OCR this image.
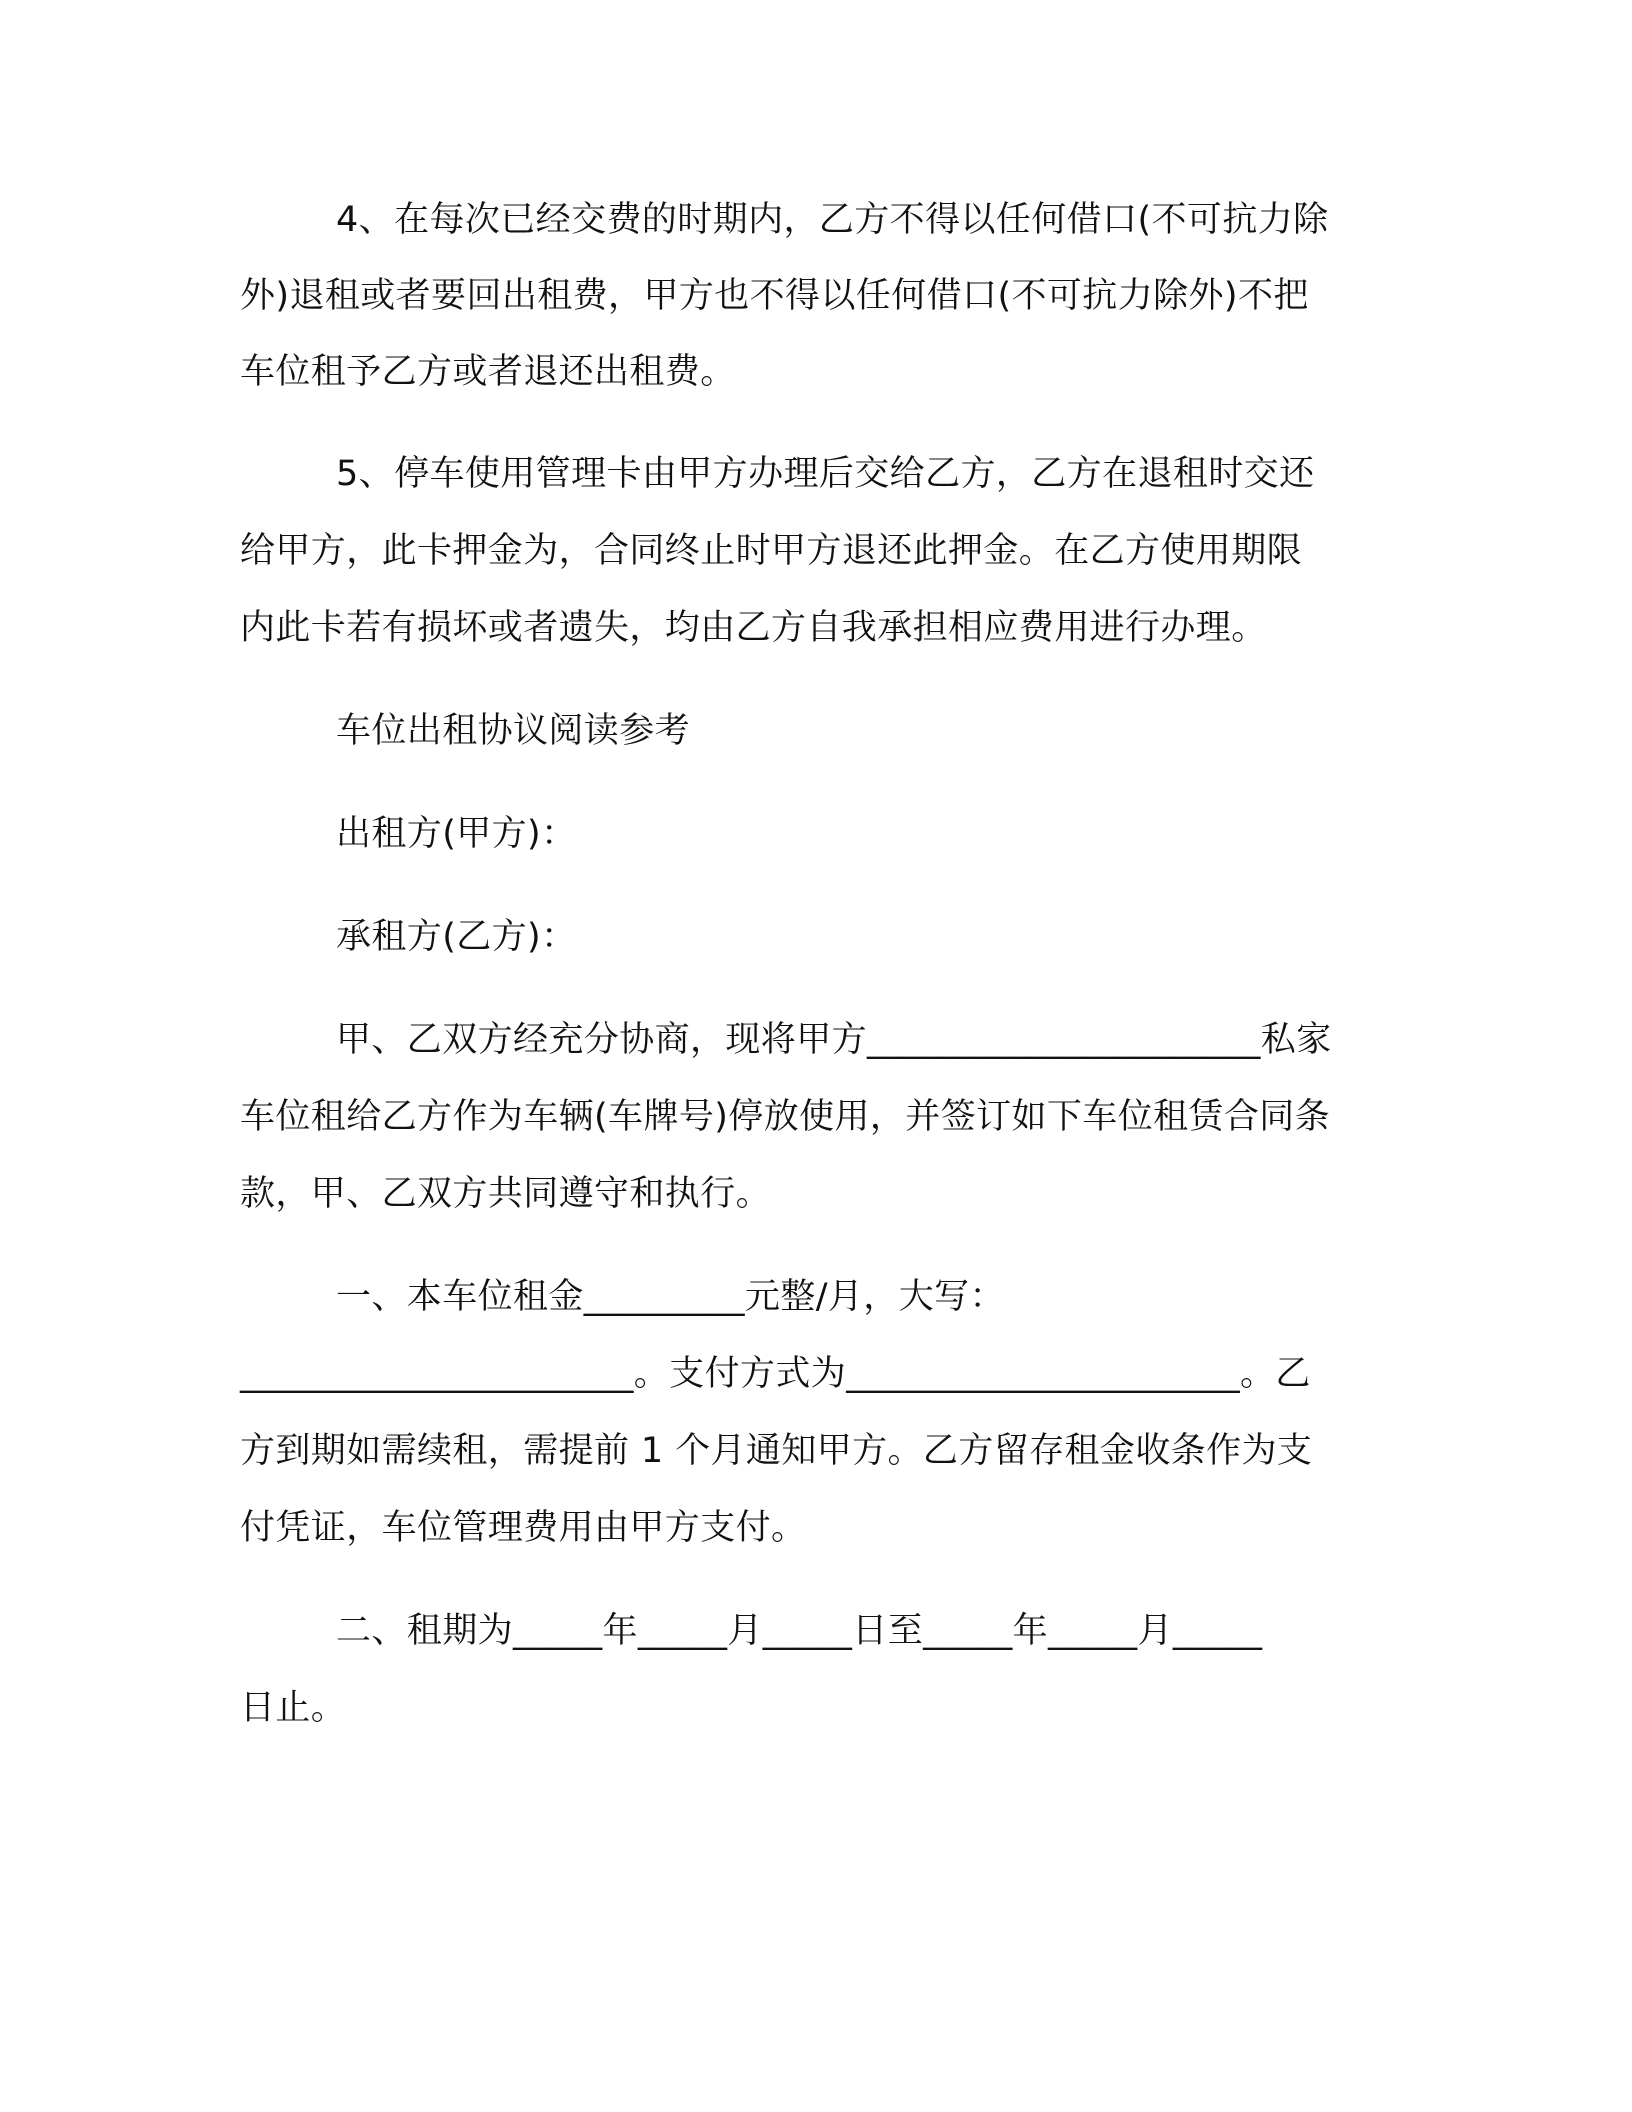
4、在每次已经交费的时期内，乙方不得以任何借口(不可抗力除
外)退租或者要回出租费，甲方也不得以任何借口(不可抗力除外)不把
车位租予乙方或者退还出租费。
5、停车使用管理卡由甲方办理后交给乙方，乙方在退租时交还
给甲方，此卡押金为，合同终止时甲方退还此押金。在乙方使用期限
内此卡若有损坏或者遗失，均由乙方自我承担相应费用进行办理。
车位出租协议阅读参考
出租方(甲方)：
承租方(乙方)：
甲、乙双方经充分协商，现将甲方______________________私家
车位租给乙方作为车辆(车牌号)停放使用，并签订如下车位租赁合同条
款，甲、乙双方共同遵守和执行。
一、本车位租金_________元整/月，大写：
______________________。支付方式为______________________。乙
方到期如需续租，需提前 1 个月通知甲方。乙方留存租金收条作为支
付凭证，车位管理费用由甲方支付。
二、租期为_____年_____月_____日至_____年_____月_____
日止。
